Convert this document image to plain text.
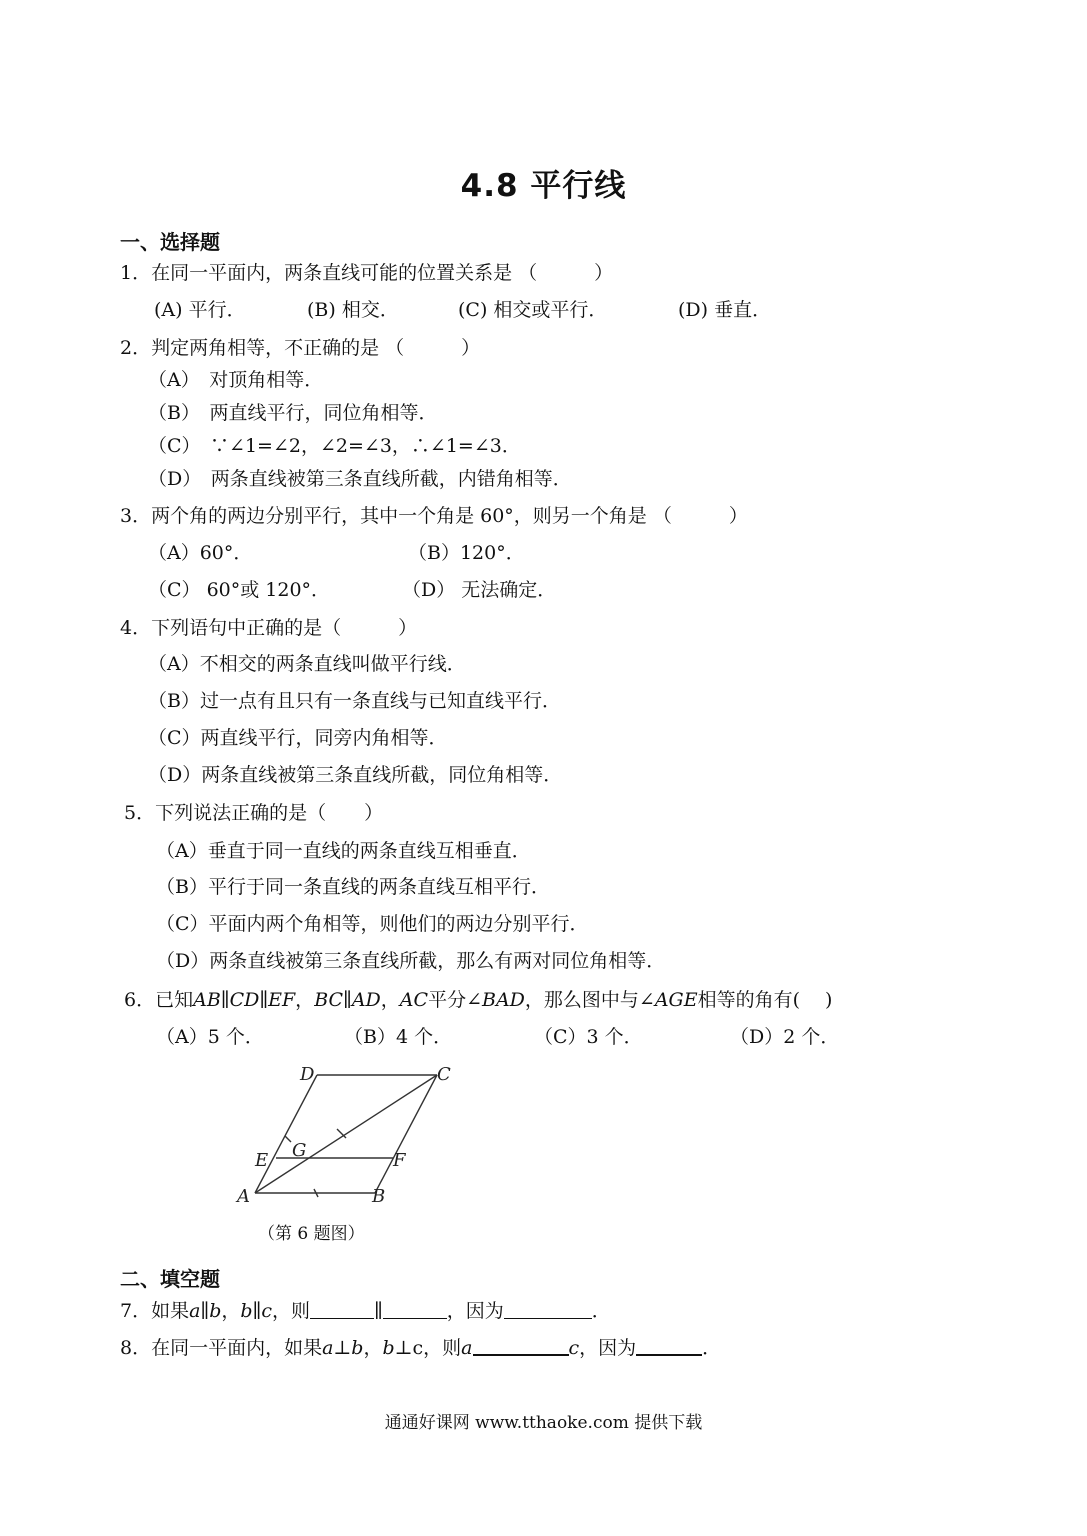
4.8 平行线
一、选择题
1．在同一平面内，两条直线可能的位置关系是 （　　　）
(A) 平行．	(B) 相交．	(C) 相交或平行．	(D) 垂直．
2．判定两角相等，不正确的是 （　　　）
（A）　对顶角相等．
（B）　两直线平行，同位角相等．
（C）　∵∠1=∠2，∠2=∠3，∴∠1=∠3．
（D）　两条直线被第三条直线所截，内错角相等．
3．两个角的两边分别平行，其中一个角是 60°，则另一个角是 （　　　）
（A）60°．	（B）120°．
（C） 60°或 120°．	（D） 无法确定．
4．下列语句中正确的是（　　　）
（A）不相交的两条直线叫做平行线．
（B）过一点有且只有一条直线与已知直线平行．
（C）两直线平行，同旁内角相等．
（D）两条直线被第三条直线所截，同位角相等．
5．下列说法正确的是（　　）
（A）垂直于同一直线的两条直线互相垂直．
（B）平行于同一条直线的两条直线互相平行．
（C）平面内两个角相等，则他们的两边分别平行．
（D）两条直线被第三条直线所截，那么有两对同位角相等．
6．已知AB∥CD∥EF，BC∥AD，AC平分∠BAD，那么图中与∠AGE相等的角有(　 )
（A）5 个．	（B）4 个．	（C）3 个．	（D）2 个．
D	C
G
E	F
A	B
（第 6 题图）
二、填空题
7．如果a∥b，b∥c，则	∥	，因为	．
8．在同一平面内，如果a⊥b，b⊥c，则a	c，因为	．
通通好课网 www.tthaoke.com 提供下载
